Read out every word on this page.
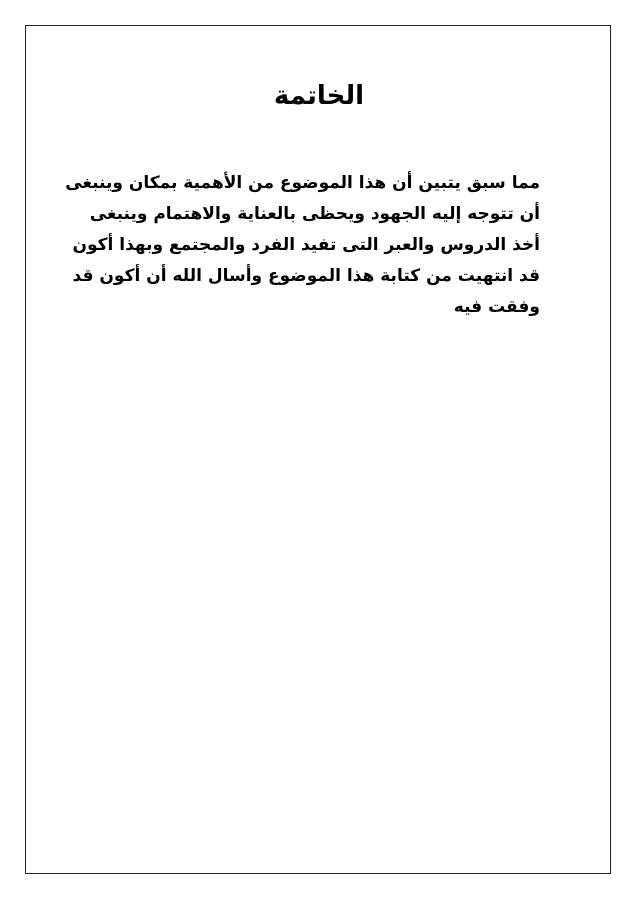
الخاتمة
مما سبق يتبين أن هذا الموضوع من الأهمية بمكان وينبغى
أن تتوجه إليه الجهود ويحظى بالعناية والاهتمام وينبغى
أخذ الدروس والعبر التى تفيد الفرد والمجتمع وبهذا أكون
قد انتهيت من كتابة هذا الموضوع وأسال الله أن أكون قد
وفقت فيه
